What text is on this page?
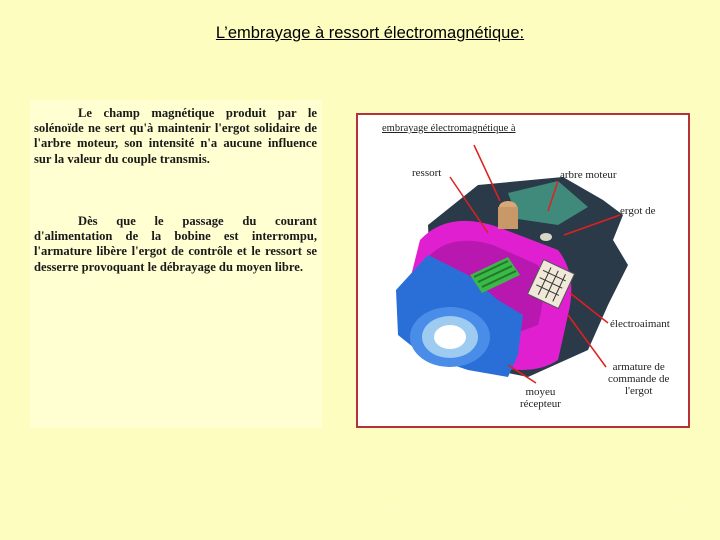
L’embrayage à ressort électromagnétique:

Le champ magnétique produit par le solénoïde ne sert qu'à maintenir l'ergot solidaire de l'arbre moteur, son intensité n'a aucune influence sur la valeur du couple transmis.

Dès que le passage du courant d'alimentation de la bobine est interrompu, l'armature libère l'ergot de contrôle et le ressort se desserre provoquant le débrayage du moyen libre.

embrayage électromagnétique à
ressort	arbre moteur
ergot de
électroaimant
armature de
commande de
l'ergot
moyeu
récepteur
85	23
